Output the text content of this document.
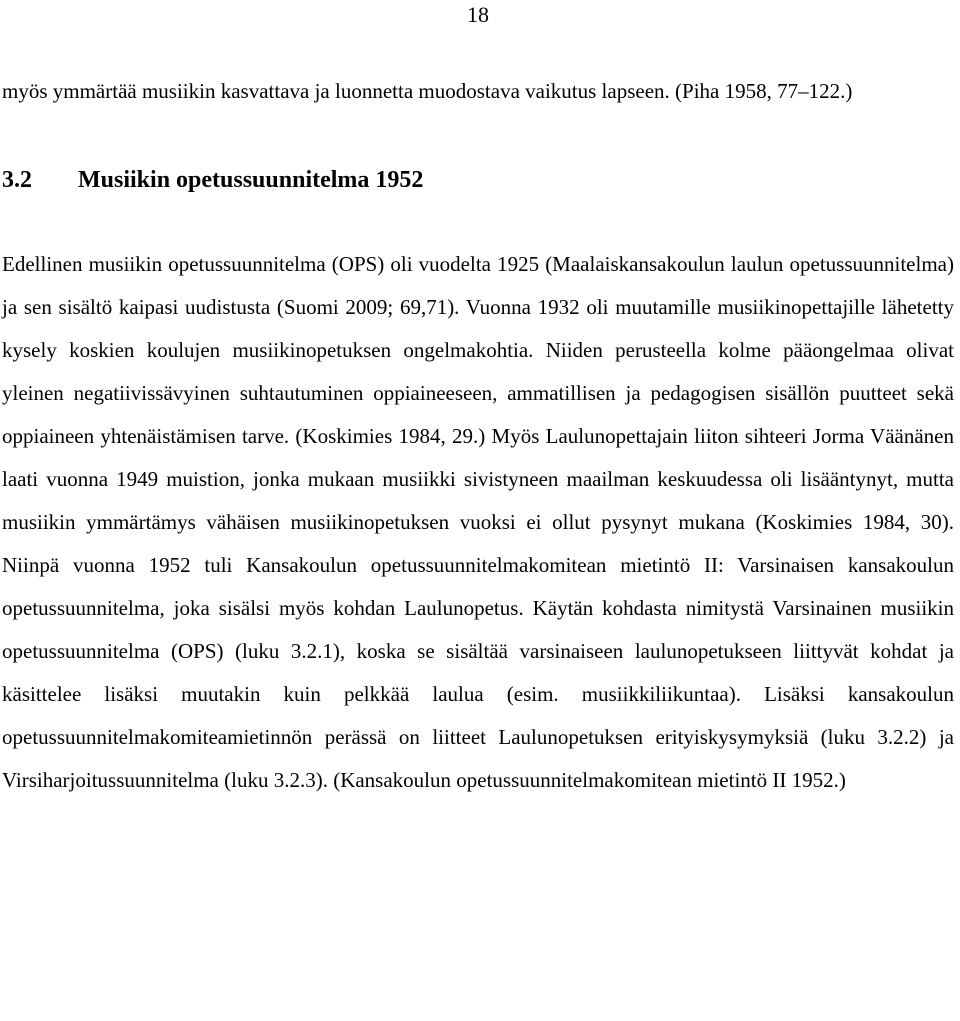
18

myös ymmärtää musiikin kasvattava ja luonnetta muodostava vaikutus lapseen. (Piha 1958, 77–122.)

3.2	Musiikin opetussuunnitelma 1952

Edellinen musiikin opetussuunnitelma (OPS) oli vuodelta 1925 (Maalaiskansakoulun laulun opetussuunnitelma) ja sen sisältö kaipasi uudistusta (Suomi 2009; 69,71). Vuonna 1932 oli muutamille musiikinopettajille lähetetty kysely koskien koulujen musiikinopetuksen ongelmakohtia. Niiden perusteella kolme pääongelmaa olivat yleinen negatiivissävyinen suhtautuminen oppiaineeseen, ammatillisen ja pedagogisen sisällön puutteet sekä oppiaineen yhtenäistämisen tarve. (Koskimies 1984, 29.) Myös Laulunopettajain liiton sihteeri Jorma Väänänen laati vuonna 1949 muistion, jonka mukaan musiikki sivistyneen maailman keskuudessa oli lisääntynyt, mutta musiikin ymmärtämys vähäisen musiikinopetuksen vuoksi ei ollut pysynyt mukana (Koskimies 1984, 30). Niinpä vuonna 1952 tuli Kansakoulun opetussuunnitelmakomitean mietintö II: Varsinaisen kansakoulun opetussuunnitelma, joka sisälsi myös kohdan Laulunopetus. Käytän kohdasta nimitystä Varsinainen musiikin opetussuunnitelma (OPS) (luku 3.2.1), koska se sisältää varsinaiseen laulunopetukseen liittyvät kohdat ja käsittelee lisäksi muutakin kuin pelkkää laulua (esim. musiikkiliikuntaa). Lisäksi kansakoulun opetussuunnitelmakomiteamietinnön perässä on liitteet Laulunopetuksen erityiskysymyksiä (luku 3.2.2) ja Virsiharjoitussuunnitelma (luku 3.2.3). (Kansakoulun opetussuunnitelmakomitean mietintö II 1952.)
